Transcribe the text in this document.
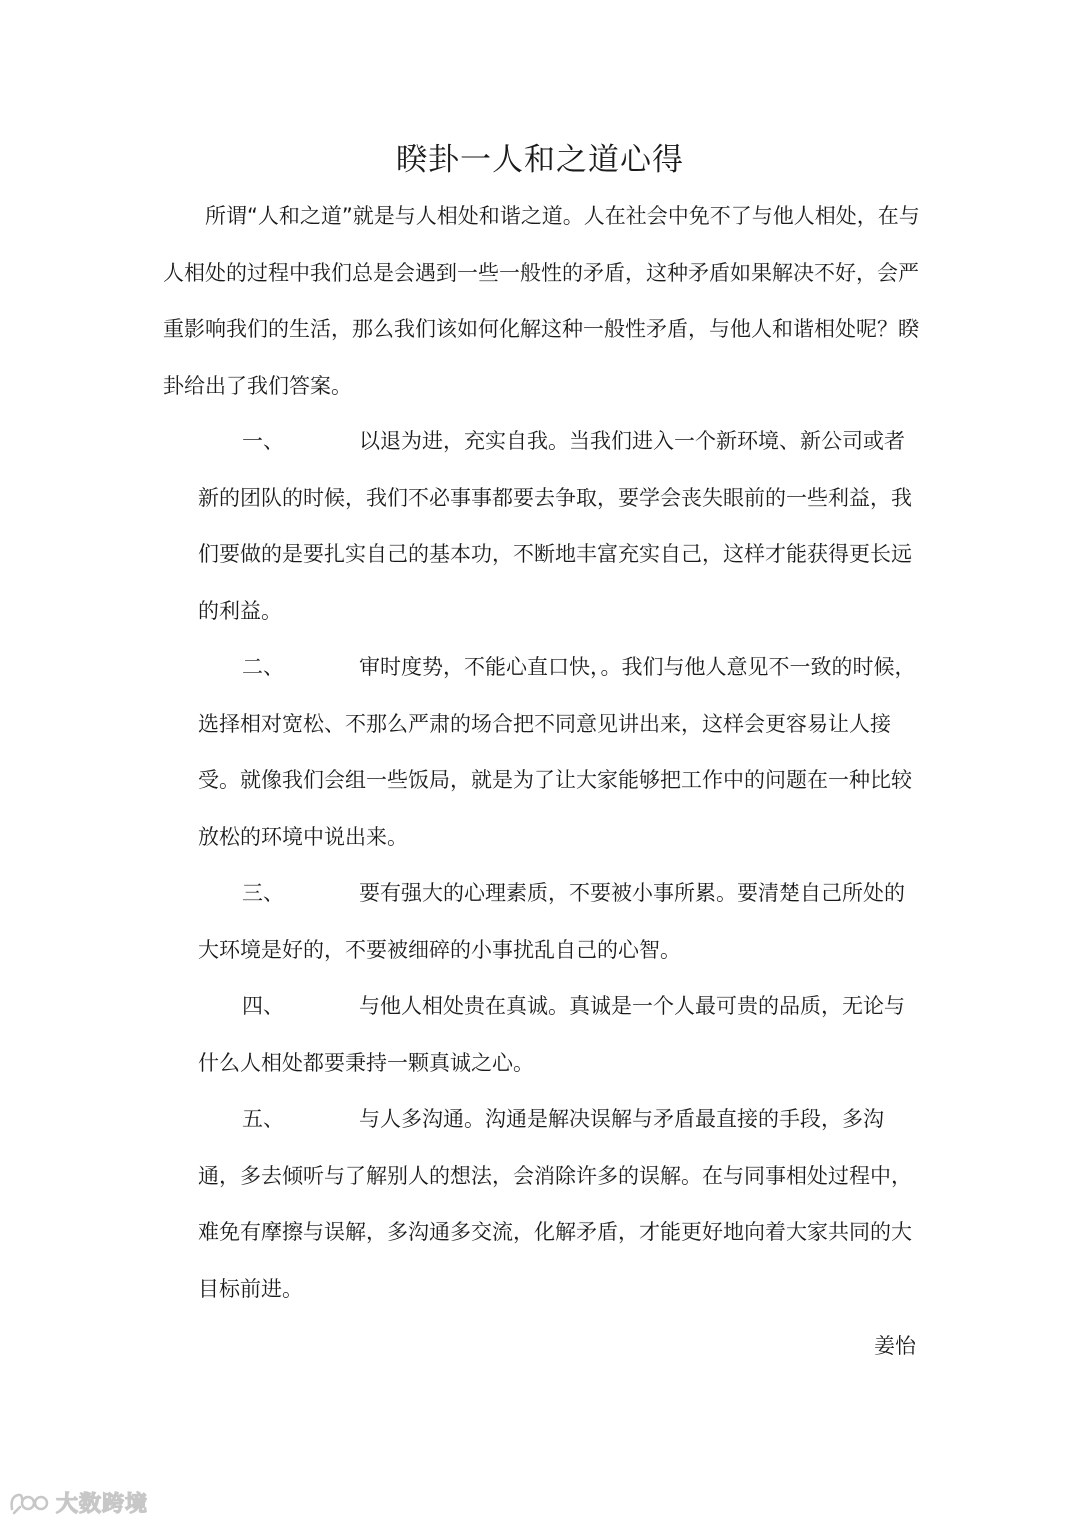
睽卦一人和之道心得

所谓“人和之道”就是与人相处和谐之道。人在社会中免不了与他人相处，在与人相处的过程中我们总是会遇到一些一般性的矛盾，这种矛盾如果解决不好，会严重影响我们的生活，那么我们该如何化解这种一般性矛盾，与他人和谐相处呢？睽卦给出了我们答案。

一、	以退为进，充实自我。当我们进入一个新环境、新公司或者新的团队的时候，我们不必事事都要去争取，要学会丧失眼前的一些利益，我们要做的是要扎实自己的基本功，不断地丰富充实自己，这样才能获得更长远的利益。

二、	审时度势，不能心直口快，。我们与他人意见不一致的时候，选择相对宽松、不那么严肃的场合把不同意见讲出来，这样会更容易让人接受。就像我们会组一些饭局，就是为了让大家能够把工作中的问题在一种比较放松的环境中说出来。

三、	要有强大的心理素质，不要被小事所累。要清楚自己所处的大环境是好的，不要被细碎的小事扰乱自己的心智。

四、	与他人相处贵在真诚。真诚是一个人最可贵的品质，无论与什么人相处都要秉持一颗真诚之心。

五、	与人多沟通。沟通是解决误解与矛盾最直接的手段，多沟通，多去倾听与了解别人的想法，会消除许多的误解。在与同事相处过程中，难免有摩擦与误解，多沟通多交流，化解矛盾，才能更好地向着大家共同的大目标前进。

姜怡
大数跨境
